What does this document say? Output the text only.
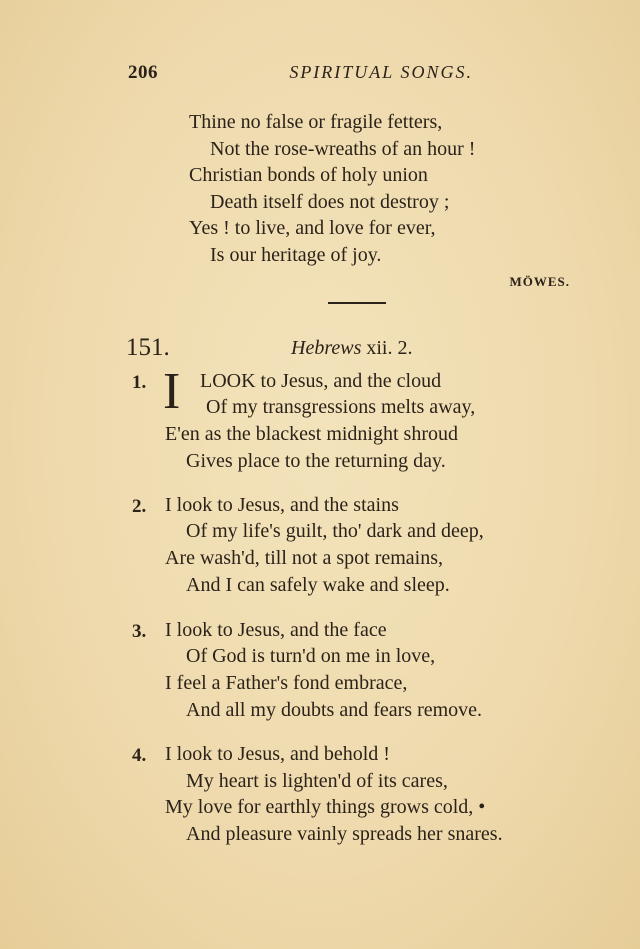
206	SPIRITUAL SONGS.
Thine no false or fragile fetters,
Not the rose-wreaths of an hour !
Christian bonds of holy union
Death itself does not destroy ;
Yes ! to live, and love for ever,
Is our heritage of joy.
MÖWES.
151.	Hebrews xii. 2.
1. I LOOK to Jesus, and the cloud
Of my transgressions melts away,
E'en as the blackest midnight shroud
Gives place to the returning day.
2. I look to Jesus, and the stains
Of my life's guilt, tho' dark and deep,
Are wash'd, till not a spot remains,
And I can safely wake and sleep.
3. I look to Jesus, and the face
Of God is turn'd on me in love,
I feel a Father's fond embrace,
And all my doubts and fears remove.
4. I look to Jesus, and behold !
My heart is lighten'd of its cares,
My love for earthly things grows cold, •
And pleasure vainly spreads her snares.
